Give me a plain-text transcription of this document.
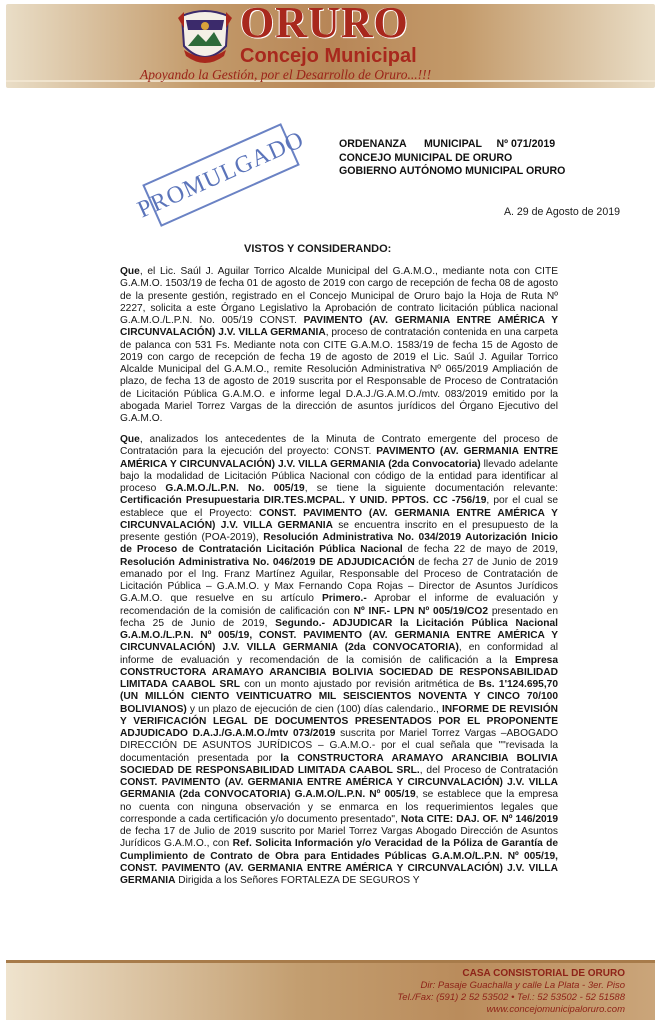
ORURO
Concejo Municipal
Apoyando la Gestión, por el Desarrollo de Oruro...!!!
PROMULGADO	ORDENANZA      MUNICIPAL     Nº 071/2019
CONCEJO MUNICIPAL DE ORURO
GOBIERNO AUTÓNOMO MUNICIPAL ORURO
A. 29 de Agosto de 2019
VISTOS Y CONSIDERANDO:
Que, el Lic. Saúl J. Aguilar Torrico Alcalde Municipal del G.A.M.O., mediante nota con CITE G.A.M.O. 1503/19 de fecha 01 de agosto de 2019 con cargo de recepción de fecha 08 de agosto de la presente gestión, registrado en el Concejo Municipal de Oruro bajo la Hoja de Ruta Nº 2227, solicita a este Órgano Legislativo la Aprobación de contrato licitación pública nacional G.A.M.O./L.P.N. No. 005/19 CONST. PAVIMENTO (AV. GERMANIA ENTRE AMÉRICA Y CIRCUNVALACIÓN) J.V. VILLA GERMANIA, proceso de contratación contenida en una carpeta de palanca con 531 Fs. Mediante nota con CITE G.A.M.O. 1583/19 de fecha 15 de Agosto de 2019 con cargo de recepción de fecha 19 de agosto de 2019 el Lic. Saúl J. Aguilar Torrico Alcalde Municipal del G.A.M.O., remite Resolución Administrativa Nº 065/2019 Ampliación de plazo, de fecha 13 de agosto de 2019 suscrita por el Responsable de Proceso de Contratación de Licitación Pública G.A.M.O. e informe legal D.A.J./G.A.M.O./mtv. 083/2019 emitido por la abogada Mariel Torrez Vargas de la dirección de asuntos jurídicos del Órgano Ejecutivo del G.A.M.O.
Que, analizados los antecedentes de la Minuta de Contrato emergente del proceso de Contratación para la ejecución del proyecto: CONST. PAVIMENTO (AV. GERMANIA ENTRE AMÉRICA Y CIRCUNVALACIÓN) J.V. VILLA GERMANIA (2da Convocatoria) llevado adelante bajo la modalidad de Licitación Pública Nacional con código de la entidad para identificar al proceso G.A.M.O./L.P.N. No. 005/19, se tiene la siguiente documentación relevante: Certificación Presupuestaria DIR.TES.MCPAL. Y UNID. PPTOS. CC -756/19, por el cual se establece que el Proyecto: CONST. PAVIMENTO (AV. GERMANIA ENTRE AMÉRICA Y CIRCUNVALACIÓN) J.V. VILLA GERMANIA se encuentra inscrito en el presupuesto de la presente gestión (POA-2019), Resolución Administrativa No. 034/2019 Autorización Inicio de Proceso de Contratación Licitación Pública Nacional de fecha 22 de mayo de 2019, Resolución Administrativa No. 046/2019 DE ADJUDICACIÓN de fecha 27 de Junio de 2019 emanado por el Ing. Franz Martínez Aguilar, Responsable del Proceso de Contratación de Licitación Pública – G.A.M.O. y Max Fernando Copa Rojas – Director de Asuntos Jurídicos G.A.M.O. que resuelve en su artículo Primero.- Aprobar el informe de evaluación y recomendación de la comisión de calificación con Nº INF.- LPN Nº 005/19/CO2 presentado en fecha 25 de Junio de 2019, Segundo.- ADJUDICAR la Licitación Pública Nacional G.A.M.O./L.P.N. Nº 005/19, CONST. PAVIMENTO (AV. GERMANIA ENTRE AMÉRICA Y CIRCUNVALACIÓN) J.V. VILLA GERMANIA (2da CONVOCATORIA), en conformidad al informe de evaluación y recomendación de la comisión de calificación a la Empresa CONSTRUCTORA ARAMAYO ARANCIBIA BOLIVIA SOCIEDAD DE RESPONSABILIDAD LIMITADA CAABOL SRL con un monto ajustado por revisión aritmética de Bs. 1'124.695,70 (UN MILLÓN CIENTO VEINTICUATRO MIL SEISCIENTOS NOVENTA Y CINCO 70/100 BOLIVIANOS) y un plazo de ejecución de cien (100) días calendario., INFORME DE REVISIÓN Y VERIFICACIÓN LEGAL DE DOCUMENTOS PRESENTADOS POR EL PROPONENTE ADJUDICADO D.A.J./G.A.M.O./mtv 073/2019 suscrita por Mariel Torrez Vargas –ABOGADO DIRECCIÓN DE ASUNTOS JURÍDICOS – G.A.M.O.- por el cual señala que ""revisada la documentación presentada por la CONSTRUCTORA ARAMAYO ARANCIBIA BOLIVIA SOCIEDAD DE RESPONSABILIDAD LIMITADA CAABOL SRL., del Proceso de Contratación CONST. PAVIMENTO (AV. GERMANIA ENTRE AMÉRICA Y CIRCUNVALACIÓN) J.V. VILLA GERMANIA (2da CONVOCATORIA) G.A.M.O/L.P.N. Nº 005/19, se establece que la empresa no cuenta con ninguna observación y se enmarca en los requerimientos legales que corresponde a cada certificación y/o documento presentado", Nota CITE: DAJ. OF. Nº 146/2019 de fecha 17 de Julio de 2019 suscrito por Mariel Torrez Vargas Abogado Dirección de Asuntos Jurídicos G.A.M.O., con Ref. Solicita Información y/o Veracidad de la Póliza de Garantía de Cumplimiento de Contrato de Obra para Entidades Públicas G.A.M.O/L.P.N. Nº 005/19, CONST. PAVIMENTO (AV. GERMANIA ENTRE AMÉRICA Y CIRCUNVALACIÓN) J.V. VILLA GERMANIA Dirigida a los Señores FORTALEZA DE SEGUROS Y
CASA CONSISTORIAL DE ORURO
Dir: Pasaje Guachalla y calle La Plata - 3er. Piso
Tel./Fax: (591) 2 52 53502 • Tel.: 52 53502 - 52 51588
www.concejomunicipaloruro.com
